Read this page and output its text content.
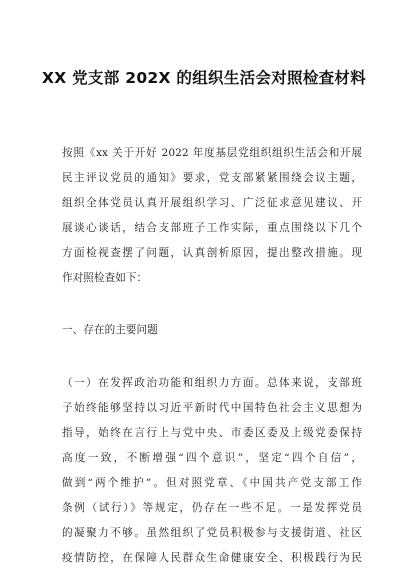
XX 党支部 202X 的组织生活会对照检查材料
按照《xx 关于开好 2022 年度基层党组织组织生活会和开展
民主评议党员的通知》要求，党支部紧紧围绕会议主题，
组织全体党员认真开展组织学习、广泛征求意见建议、开
展谈心谈话，结合支部班子工作实际，重点围绕以下几个
方面检视查摆了问题，认真剖析原因，提出整改措施。现
作对照检查如下：
一、存在的主要问题
（一）在发挥政治功能和组织力方面。总体来说，支部班
子始终能够坚持以习近平新时代中国特色社会主义思想为
指导，始终在言行上与党中央、市委区委及上级党委保持
高度一致，不断增强“四个意识”，坚定“四个自信”，
做到“两个维护”。但对照党章、《中国共产党支部工作
条例（试行）》等规定，仍存在一些不足。一是发挥党员
的凝聚力不够。虽然组织了党员积极参与支援街道、社区
疫情防控，在保障人民群众生命健康安全、积极践行为民
